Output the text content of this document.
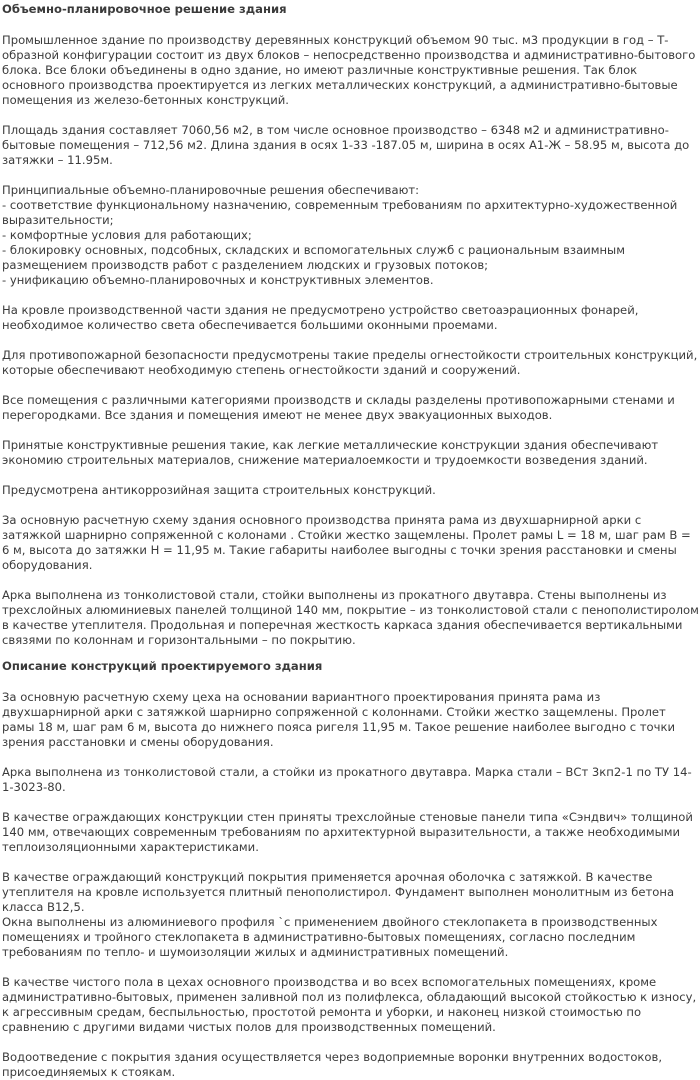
Объемно-планировочное решение здания

Промышленное здание по производству деревянных конструкций объемом 90 тыс. м3 продукции в год – Т-образной конфигурации состоит из двух блоков – непосредственно производства и административно-бытового блока. Все блоки объединены в одно здание, но имеют различные конструктивные решения. Так блок основного производства проектируется из легких металлических конструкций, а административно-бытовые помещения из железо-бетонных конструкций.

Площадь здания составляет 7060,56 м2, в том числе основное производство – 6348 м2 и административно-бытовые помещения – 712,56 м2. Длина здания в осях 1-33 -187.05 м, ширина в осях А1-Ж – 58.95 м, высота до затяжки – 11.95м.

Принципиальные объемно-планировочные решения обеспечивают:
- соответствие функциональному назначению, современным требованиям по архитектурно-художественной выразительности;
- комфортные условия для работающих;
- блокировку основных, подсобных, складских и вспомогательных служб с рациональным взаимным размещением производств работ с разделением людских и грузовых потоков;
- унификацию объемно-планировочных и конструктивных элементов.

На кровле производственной части здания не предусмотрено устройство светоаэрационных фонарей, необходимое количество света обеспечивается большими оконными проемами.

Для противопожарной безопасности предусмотрены такие пределы огнестойкости строительных конструкций, которые обеспечивают необходимую степень огнестойкости зданий и сооружений.

Все помещения с различными категориями производств и склады разделены противопожарными стенами и перегородками. Все здания и помещения имеют не менее двух эвакуационных выходов.

Принятые конструктивные решения такие, как легкие металлические конструкции здания обеспечивают экономию строительных материалов, снижение материалоемкости и трудоемкости возведения зданий.

Предусмотрена антикоррозийная защита строительных конструкций.

За основную расчетную схему здания основного производства принята рама из двухшарнирной арки с затяжкой шарнирно сопряженной с колонами . Стойки жестко защемлены. Пролет рамы L = 18 м, шаг рам B = 6 м, высота до затяжки H = 11,95 м. Такие габариты наиболее выгодны с точки зрения расстановки и смены оборудования.

Арка выполнена из тонколистовой стали, стойки выполнены из прокатного двутавра. Стены выполнены из трехслойных алюминиевых панелей толщиной 140 мм, покрытие – из тонколистовой стали с пенополистиролом в качестве утеплителя. Продольная и поперечная жесткость каркаса здания обеспечивается вертикальными связями по колоннам и горизонтальными – по покрытию.

Описание конструкций проектируемого здания

За основную расчетную схему цеха на основании вариантного проектирования принята рама из двухшарнирной арки с затяжкой шарнирно сопряженной с колоннами. Стойки жестко защемлены. Пролет рамы 18 м, шаг рам 6 м, высота до нижнего пояса ригеля 11,95 м. Такое решение наиболее выгодно с точки зрения расстановки и смены оборудования.

Арка выполнена из тонколистовой стали, а стойки из прокатного двутавра. Марка стали – ВСт 3кп2-1 по ТУ 14-1-3023-80.

В качестве ограждающих конструкции стен приняты трехслойные стеновые панели типа «Сэндвич» толщиной 140 мм, отвечающих современным требованиям по архитектурной выразительности, а также необходимыми теплоизоляционными характеристиками.

В качестве ограждающий конструкций покрытия применяется арочная оболочка с затяжкой. В качестве утеплителя на кровле используется плитный пенополистирол. Фундамент выполнен монолитным из бетона класса В12,5.
Окна выполнены из алюминиевого профиля `с применением двойного стеклопакета в производственных помещениях и тройного стеклопакета в административно-бытовых помещениях, согласно последним требованиям по тепло- и шумоизоляции жилых и административных помещений.

В качестве чистого пола в цехах основного производства и во всех вспомогательных помещениях, кроме административно-бытовых, применен заливной пол из полифлекса, обладающий высокой стойкостью к износу, к агрессивным средам, беспыльностью, простотой ремонта и уборки, и наконец низкой стоимостью по сравнению с другими видами чистых полов для производственных помещений.

Водоотведение с покрытия здания осуществляется через водоприемные воронки внутренних водостоков, присоединяемых к стоякам.
